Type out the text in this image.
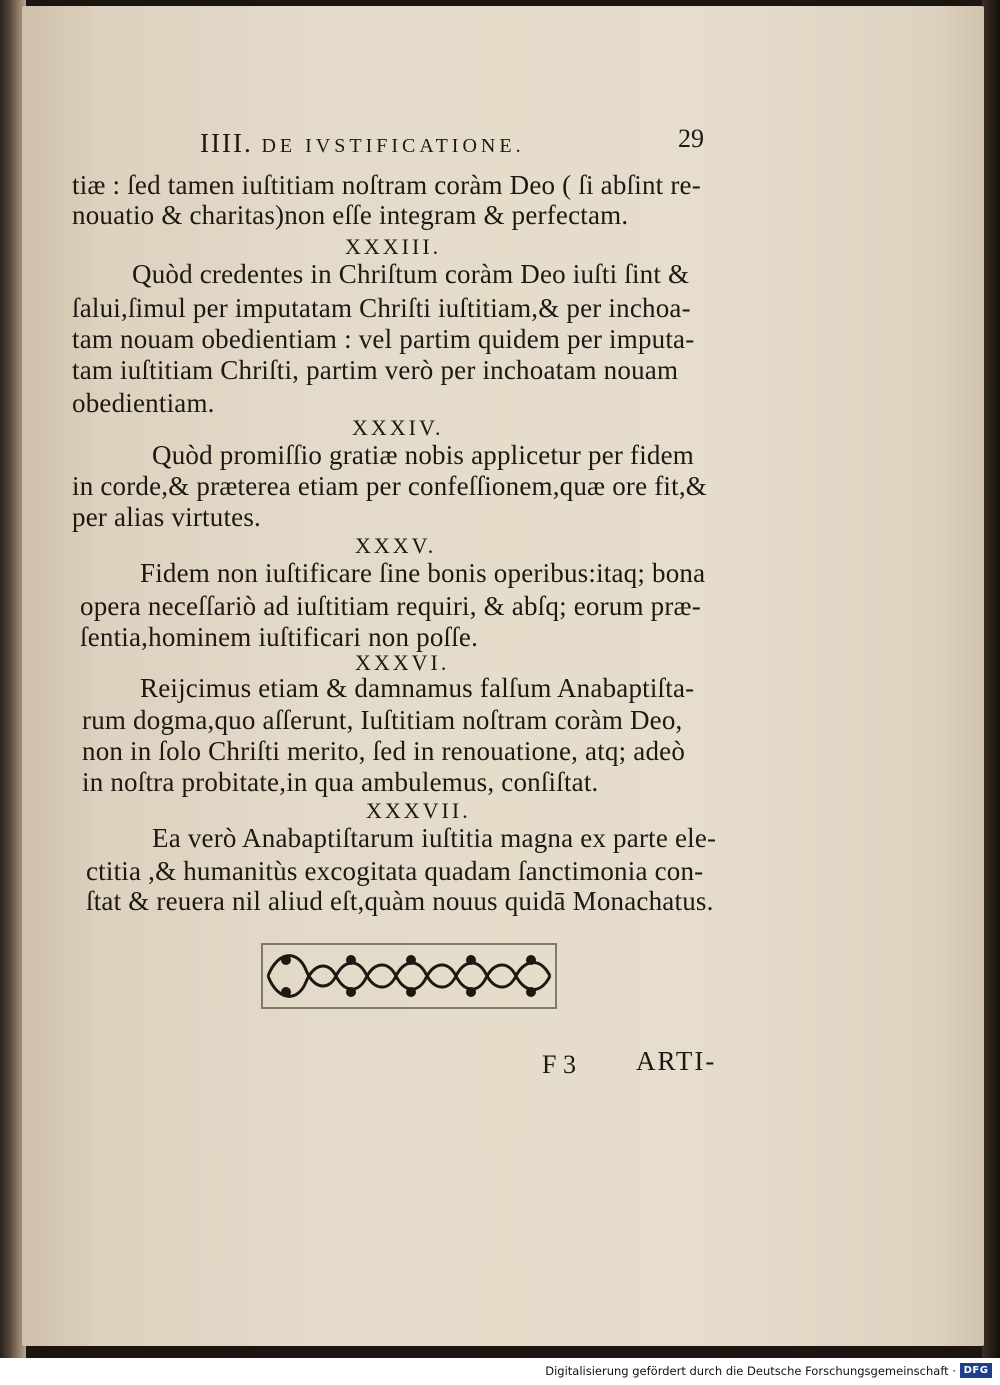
IIII. DE IVSTIFICATIONE.	29
tiæ : ſed tamen iuſtitiam noſtram coràm Deo ( ſi abſint re-
nouatio & charitas)non eſſe integram & perfectam.
XXXIII.
Quòd credentes in Chriſtum coràm Deo iuſti ſint &
ſalui,ſimul per imputatam Chriſti iuſtitiam,& per inchoa-
tam nouam obedientiam : vel partim quidem per imputa-
tam iuſtitiam Chriſti, partim verò per inchoatam nouam
obedientiam.
XXXIV.
Quòd promiſſio gratiæ nobis applicetur per fidem
in corde,& præterea etiam per confeſſionem,quæ ore fit,&
per alias virtutes.
XXXV.
Fidem non iuſtificare ſine bonis operibus:itaq; bona
opera neceſſariò ad iuſtitiam requiri, & abſq; eorum præ-
ſentia,hominem iuſtificari non poſſe.
XXXVI.
Reijcimus etiam & damnamus falſum Anabaptiſta-
rum dogma,quo aſſerunt, Iuſtitiam noſtram coràm Deo,
non in ſolo Chriſti merito, ſed in renouatione, atq; adeò
in noſtra probitate,in qua ambulemus, conſiſtat.
XXXVII.
Ea verò Anabaptiſtarum iuſtitia magna ex parte ele-
ctitia ,& humanitùs excogitata quadam ſanctimonia con-
ſtat & reuera nil aliud eſt,quàm nouus quidā Monachatus.
F 3 ARTI-
Digitalisierung gefördert durch die Deutsche Forschungsgemeinschaft · DFG
